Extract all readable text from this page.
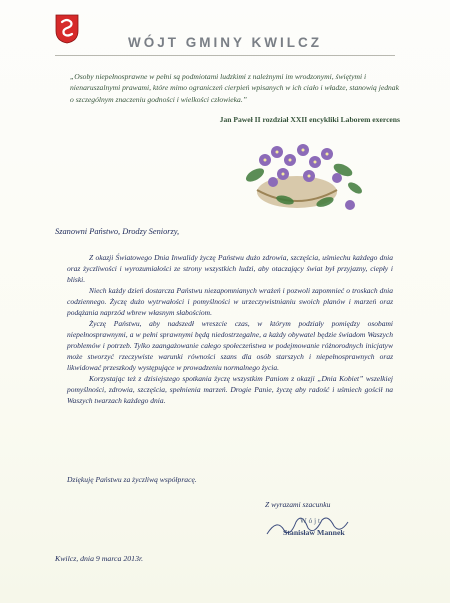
WÓJT GMINY KWILCZ
„Osoby niepełnosprawne w pełni są podmiotami ludzkimi z należnymi im wrodzonymi, świętymi i nienaruszalnymi prawami, które mimo ograniczeń cierpień wpisanych w ich ciało i władze, stanowią jednak o szczególnym znaczeniu godności i wielkości człowieka.”
Jan Paweł II rozdział XXII encykliki Laborem exercens
Szanowni Państwo, Drodzy Seniorzy,

Z okazji Światowego Dnia Inwalidy życzę Państwu dużo zdrowia, szczęścia, uśmiechu każdego dnia oraz życzliwości i wyrozumiałości ze strony wszystkich ludzi, aby otaczający świat był przyjazny, ciepły i bliski.

Niech każdy dzień dostarcza Państwu niezapomnianych wrażeń i pozwoli zapomnieć o troskach dnia codziennego. Życzę dużo wytrwałości i pomyślności w urzeczywistnianiu swoich planów i marzeń oraz podążania naprzód wbrew własnym słabościom.

Życzę Państwu, aby nadszedł wreszcie czas, w którym podziały pomiędzy osobami niepełnosprawnymi, a w pełni sprawnymi będą niedostrzegalne, a każdy obywatel będzie świadom Waszych problemów i potrzeb. Tylko zaangażowanie całego społeczeństwa w podejmowanie różnorodnych inicjatyw może stworzyć rzeczywiste warunki równości szans dla osób starszych i niepełnosprawnych oraz likwidować przeszkody występujące w prowadzeniu normalnego życia.

Korzystając też z dzisiejszego spotkania życzę wszystkim Paniom z okazji „Dnia Kobiet” wszelkiej pomyślności, zdrowia, szczęścia, spełnienia marzeń. Drogie Panie, życzę aby radość i uśmiech gościł na Waszych twarzach każdego dnia.

Dziękuję Państwu za życzliwą współpracę.
Z wyrazami szacunku
Wójt
Stanisław Mannek
Kwilcz, dnia 9 marca 2013r.
